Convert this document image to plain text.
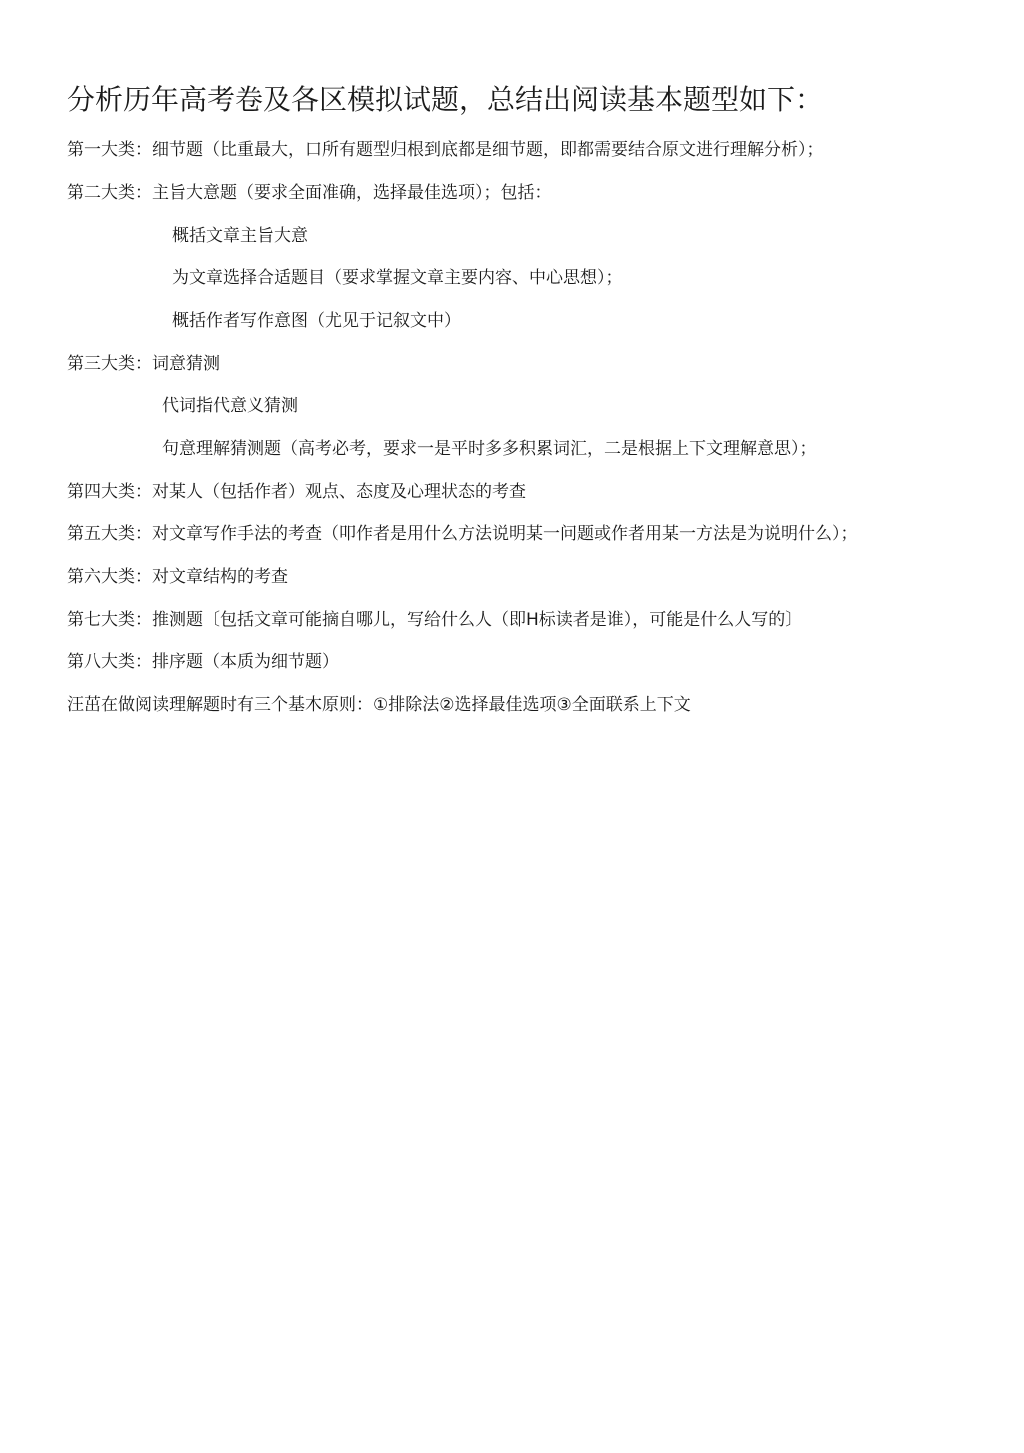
分析历年高考卷及各区模拟试题，总结出阅读基本题型如下：
第一大类：细节题（比重最大，口所有题型归根到底都是细节题，即都需要结合原文进行理解分析）；
第二大类：主旨大意题（要求全面准确，选择最佳选项）；包括：
概括文章主旨大意
为文章选择合适题目（要求掌握文章主要内容、中心思想）；
概括作者写作意图（尤见于记叙文中）
第三大类：词意猜测
代词指代意义猜测
句意理解猜测题（高考必考，要求一是平时多多积累词汇，二是根据上下文理解意思）；
第四大类：对某人（包括作者）观点、态度及心理状态的考查
第五大类：对文章写作手法的考查（叩作者是用什么方法说明某一问题或作者用某一方法是为说明什么）；
第六大类：对文章结构的考查
第七大类：推测题〔包括文章可能摘自哪儿，写给什么人（即H标读者是谁），可能是什么人写的〕
第八大类：排序题（本质为细节题）
汪茁在做阅读理解题时有三个基木原则：①排除法②选择最佳选项③全面联系上下文
